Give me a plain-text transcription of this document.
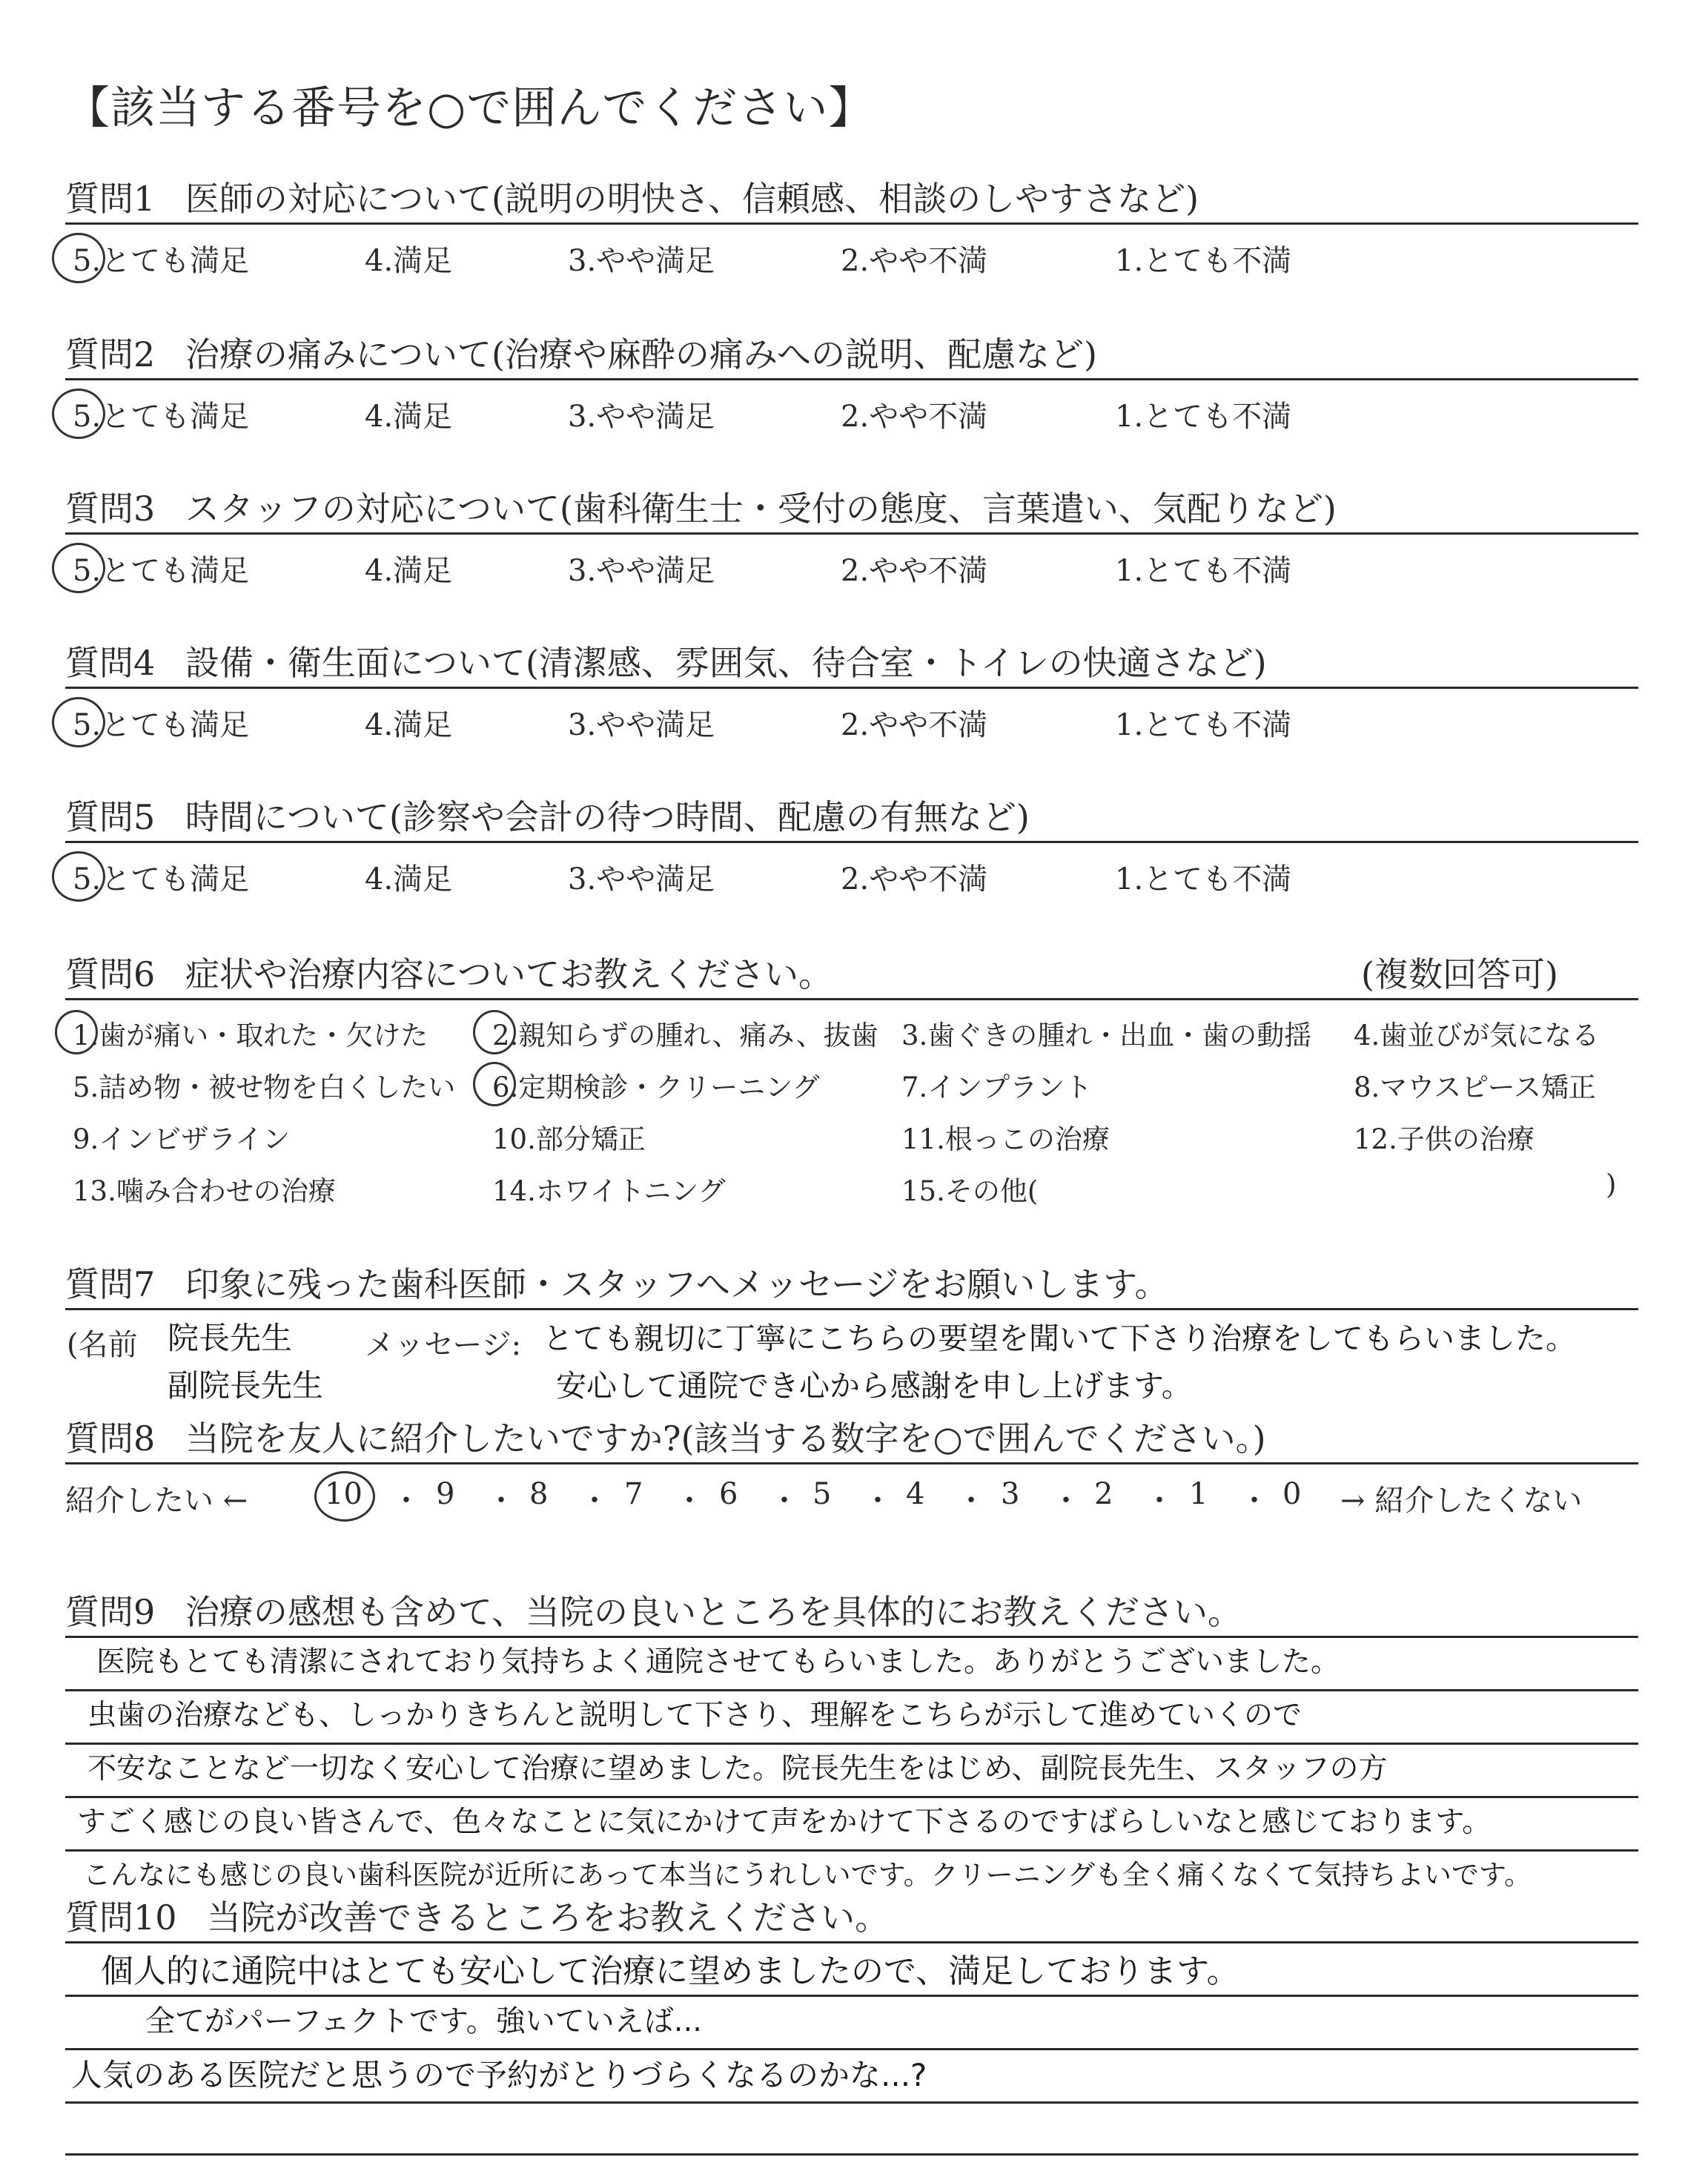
【該当する番号を○で囲んでください】
質問1 医師の対応について(説明の明快さ、信頼感、相談のしやすさなど)
5.とても満足	4.満足	3.やや満足	2.やや不満	1.とても不満
質問2 治療の痛みについて(治療や麻酔の痛みへの説明、配慮など)
5.とても満足	4.満足	3.やや満足	2.やや不満	1.とても不満
質問3 スタッフの対応について(歯科衛生士・受付の態度、言葉遣い、気配りなど)
5.とても満足	4.満足	3.やや満足	2.やや不満	1.とても不満
質問4 設備・衛生面について(清潔感、雰囲気、待合室・トイレの快適さなど)
5.とても満足	4.満足	3.やや満足	2.やや不満	1.とても不満
質問5 時間について(診察や会計の待つ時間、配慮の有無など)
5.とても満足	4.満足	3.やや満足	2.やや不満	1.とても不満
質問6 症状や治療内容についてお教えください。	(複数回答可)
1.歯が痛い・取れた・欠けた 2.親知らずの腫れ、痛み、抜歯 3.歯ぐきの腫れ・出血・歯の動揺 4.歯並びが気になる
5.詰め物・被せ物を白くしたい 6.定期検診・クリーニング	7.インプラント	8.マウスピース矯正
9.インビザライン	10.部分矯正	11.根っこの治療	12.子供の治療
13.噛み合わせの治療	14.ホワイトニング	15.その他(	)
質問7 印象に残った歯科医師・スタッフへメッセージをお願いします。
(名前 院長先生
副院長先生
メッセージ: とても親切に丁寧にこちらの要望を聞いて下さり治療をしてもらいました。
安心して通院でき心から感謝を申し上げます。
質問8 当院を友人に紹介したいですか?(該当する数字を○で囲んでください。)
紹介したい ←	10 ・ 9 ・ 8 ・ 7 ・ 6 ・ 5 ・ 4 ・ 3 ・ 2 ・ 1 ・ 0 → 紹介したくない
質問9 治療の感想も含めて、当院の良いところを具体的にお教えください。
医院もとても清潔にされており気持ちよく通院させてもらいました。ありがとうございました。
虫歯の治療なども、しっかりきちんと説明して下さり、理解をこちらが示して進めていくので
不安なことなど一切なく安心して治療に望めました。院長先生をはじめ、副院長先生、スタッフの方
すごく感じの良い皆さんで、色々なことに気にかけて声をかけて下さるのですばらしいなと感じております。
こんなにも感じの良い歯科医院が近所にあって本当にうれしいです。クリーニングも全く痛くなくて気持ちよいです。
質問10 当院が改善できるところをお教えください。
個人的に通院中はとても安心して治療に望めましたので、満足しております。
全てがパーフェクトです。強いていえば...
人気のある医院だと思うので予約がとりづらくなるのかな...?
